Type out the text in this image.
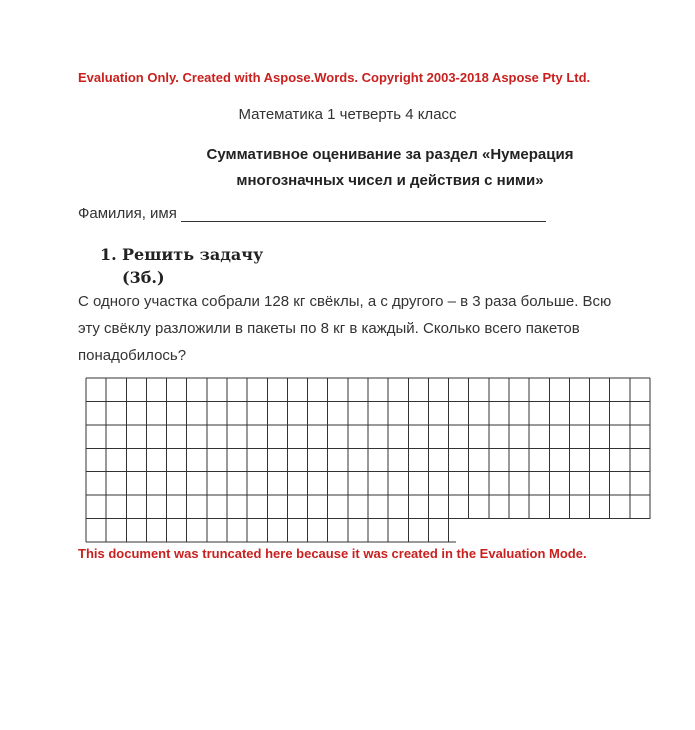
Evaluation Only. Created with Aspose.Words. Copyright 2003-2018 Aspose Pty Ltd.
Математика 1 четверть 4 класс
Суммативное оценивание за раздел «Нумерация
многозначных чисел и действия с ними»
Фамилия, имя
1. Решить задачу
(3б.)
С одного участка собрали 128 кг свёклы, а с другого – в 3 раза больше. Всю эту свёклу разложили в пакеты по 8 кг в каждый. Сколько всего пакетов понадобилось?
This document was truncated here because it was created in the Evaluation Mode.
